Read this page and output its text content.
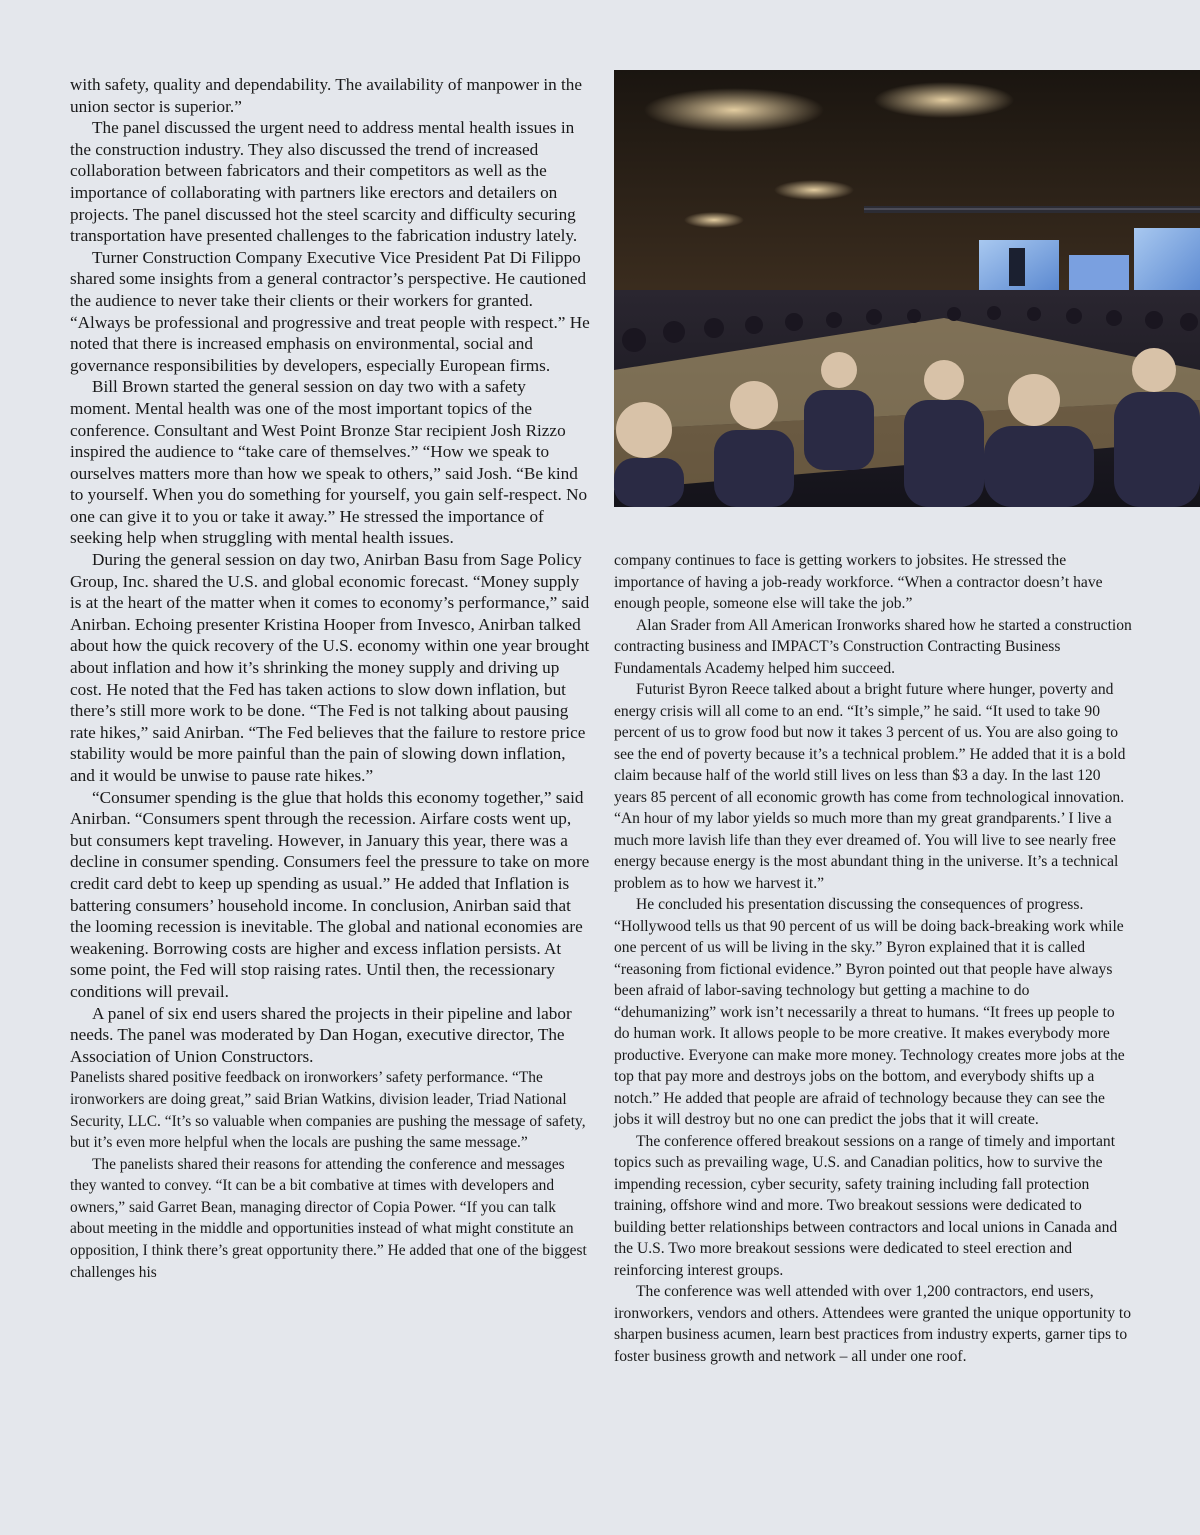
with safety, quality and dependability. The availability of manpower in the union sector is superior.”

The panel discussed the urgent need to address mental health issues in the construction industry. They also discussed the trend of increased collaboration between fabricators and their competitors as well as the importance of collaborating with partners like erectors and detailers on projects. The panel discussed hot the steel scarcity and difficulty securing transportation have presented challenges to the fabrication industry lately.

Turner Construction Company Executive Vice President Pat Di Filippo shared some insights from a general contractor’s perspective. He cautioned the audience to never take their clients or their workers for granted. “Always be professional and progressive and treat people with respect.” He noted that there is increased emphasis on environmental, social and governance responsibilities by developers, especially European firms.

Bill Brown started the general session on day two with a safety moment. Mental health was one of the most important topics of the conference. Consultant and West Point Bronze Star recipient Josh Rizzo inspired the audience to “take care of themselves.” “How we speak to ourselves matters more than how we speak to others,” said Josh. “Be kind to yourself. When you do something for yourself, you gain self-respect. No one can give it to you or take it away.” He stressed the importance of seeking help when struggling with mental health issues.

During the general session on day two, Anirban Basu from Sage Policy Group, Inc. shared the U.S. and global economic forecast. “Money supply is at the heart of the matter when it comes to economy’s performance,” said Anirban. Echoing presenter Kristina Hooper from Invesco, Anirban talked about how the quick recovery of the U.S. economy within one year brought about inflation and how it’s shrinking the money supply and driving up cost. He noted that the Fed has taken actions to slow down inflation, but there’s still more work to be done. “The Fed is not talking about pausing rate hikes,” said Anirban. “The Fed believes that the failure to restore price stability would be more painful than the pain of slowing down inflation, and it would be unwise to pause rate hikes.”

“Consumer spending is the glue that holds this economy together,” said Anirban. “Consumers spent through the recession. Airfare costs went up, but consumers kept traveling. However, in January this year, there was a decline in consumer spending. Consumers feel the pressure to take on more credit card debt to keep up spending as usual.” He added that Inflation is battering consumers’ household income. In conclusion, Anirban said that the looming recession is inevitable. The global and national economies are weakening. Borrowing costs are higher and excess inflation persists. At some point, the Fed will stop raising rates. Until then, the recessionary conditions will prevail.

A panel of six end users shared the projects in their pipeline and labor needs. The panel was moderated by Dan Hogan, executive director, The Association of Union Constructors.

Panelists shared positive feedback on ironworkers’ safety performance. “The ironworkers are doing great,” said Brian Watkins, division leader, Triad National Security, LLC. “It’s so valuable when companies are pushing the message of safety, but it’s even more helpful when the locals are pushing the same message.”

The panelists shared their reasons for attending the conference and messages they wanted to convey. “It can be a bit combative at times with developers and owners,” said Garret Bean, managing director of Copia Power. “If you can talk about meeting in the middle and opportunities instead of what might constitute an opposition, I think there’s great opportunity there.” He added that one of the biggest challenges his

company continues to face is getting workers to jobsites. He stressed the importance of having a job-ready workforce. “When a contractor doesn’t have enough people, someone else will take the job.”

Alan Srader from All American Ironworks shared how he started a construction contracting business and IMPACT’s Construction Contracting Business Fundamentals Academy helped him succeed.

Futurist Byron Reece talked about a bright future where hunger, poverty and energy crisis will all come to an end. “It’s simple,” he said. “It used to take 90 percent of us to grow food but now it takes 3 percent of us. You are also going to see the end of poverty because it’s a technical problem.” He added that it is a bold claim because half of the world still lives on less than $3 a day. In the last 120 years 85 percent of all economic growth has come from technological innovation. “An hour of my labor yields so much more than my great grandparents.’ I live a much more lavish life than they ever dreamed of. You will live to see nearly free energy because energy is the most abundant thing in the universe. It’s a technical problem as to how we harvest it.”

He concluded his presentation discussing the consequences of progress. “Hollywood tells us that 90 percent of us will be doing back-breaking work while one percent of us will be living in the sky.” Byron explained that it is called “reasoning from fictional evidence.” Byron pointed out that people have always been afraid of labor-saving technology but getting a machine to do “dehumanizing” work isn’t necessarily a threat to humans. “It frees up people to do human work. It allows people to be more creative. It makes everybody more productive. Everyone can make more money. Technology creates more jobs at the top that pay more and destroys jobs on the bottom, and everybody shifts up a notch.” He added that people are afraid of technology because they can see the jobs it will destroy but no one can predict the jobs that it will create.

The conference offered breakout sessions on a range of timely and important topics such as prevailing wage, U.S. and Canadian politics, how to survive the impending recession, cyber security, safety training including fall protection training, offshore wind and more. Two breakout sessions were dedicated to building better relationships between contractors and local unions in Canada and the U.S. Two more breakout sessions were dedicated to steel erection and reinforcing interest groups.

The conference was well attended with over 1,200 contractors, end users, ironworkers, vendors and others. Attendees were granted the unique opportunity to sharpen business acumen, learn best practices from industry experts, garner tips to foster business growth and network – all under one roof.
